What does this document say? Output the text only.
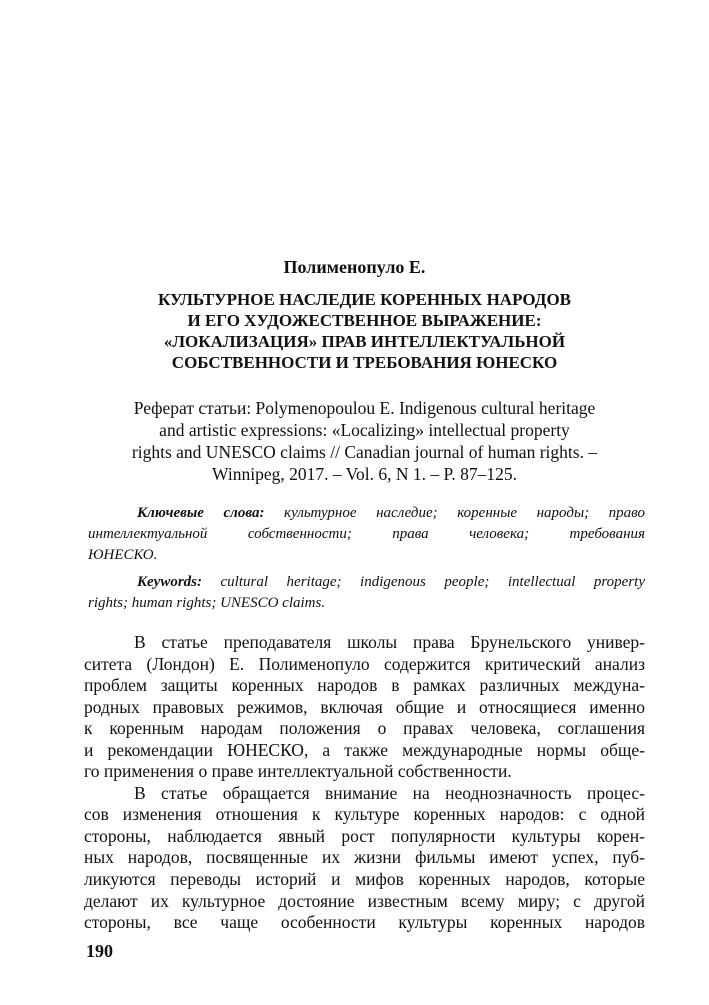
Полименопуло Е.
КУЛЬТУРНОЕ НАСЛЕДИЕ КОРЕННЫХ НАРОДОВ
И ЕГО ХУДОЖЕСТВЕННОЕ ВЫРАЖЕНИЕ:
«ЛОКАЛИЗАЦИЯ» ПРАВ ИНТЕЛЛЕКТУАЛЬНОЙ
СОБСТВЕННОСТИ И ТРЕБОВАНИЯ ЮНЕСКО
Реферат статьи: Polymenopoulou E. Indigenous cultural heritage
and artistic expressions: «Localizing» intellectual property
rights and UNESCO claims // Canadian journal of human rights. –
Winnipeg, 2017. – Vol. 6, N 1. – P. 87–125.
Ключевые слова: культурное наследие; коренные народы; право
интеллектуальной собственности; права человека; требования
ЮНЕСКО.
Keywords: cultural heritage; indigenous people; intellectual property
rights; human rights; UNESCO claims.
В статье преподавателя школы права Брунельского универ-
ситета (Лондон) Е. Полименопуло содержится критический анализ
проблем защиты коренных народов в рамках различных междуна-
родных правовых режимов, включая общие и относящиеся именно
к коренным народам положения о правах человека, соглашения
и рекомендации ЮНЕСКО, а также международные нормы обще-
го применения о праве интеллектуальной собственности.
В статье обращается внимание на неоднозначность процес-
сов изменения отношения к культуре коренных народов: с одной
стороны, наблюдается явный рост популярности культуры корен-
ных народов, посвященные их жизни фильмы имеют успех, пуб-
ликуются переводы историй и мифов коренных народов, которые
делают их культурное достояние известным всему миру; с другой
стороны, все чаще особенности культуры коренных народов
190
